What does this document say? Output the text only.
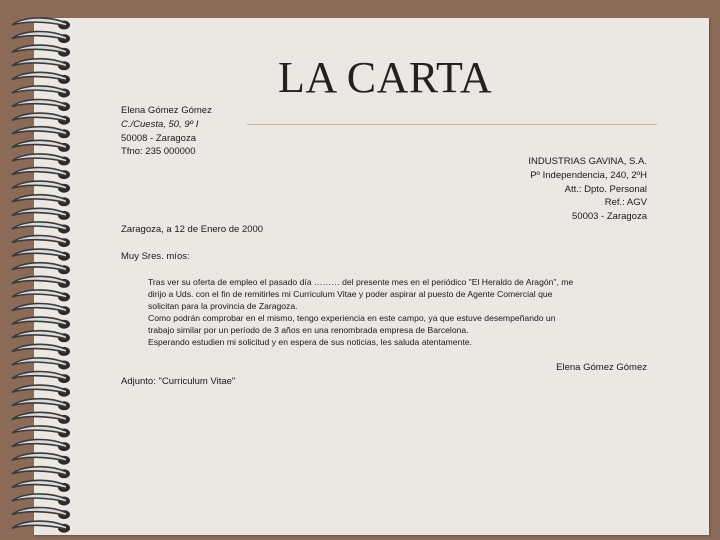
LA CARTA
Elena Gómez Gómez
C./Cuesta, 50, 9º I
50008 - Zaragoza
Tfno: 235 000000
INDUSTRIAS GAVINA, S.A.
Pº Independencia, 240, 2ºH
Att.: Dpto. Personal
Ref.: AGV
50003 - Zaragoza
Zaragoza, a 12 de Enero de 2000
Muy Sres. míos:
Tras ver su oferta de empleo el pasado día ……… del presente mes en el periódico "El Heraldo de Aragón", me
dirijo a Uds. con el fin de remitirles mi Curriculum Vitae y poder aspirar al puesto de Agente Comercial que
solicitan para la provincia de Zaragoza.
Como podrán comprobar en el mismo, tengo experiencia en este campo, ya que estuve desempeñando un
trabajo similar por un período de 3 años en una renombrada empresa de Barcelona.
Esperando estudien mi solicitud y en espera de sus noticias, les saluda atentamente.
Elena Gómez Gómez
Adjunto: "Curriculum Vitae"
